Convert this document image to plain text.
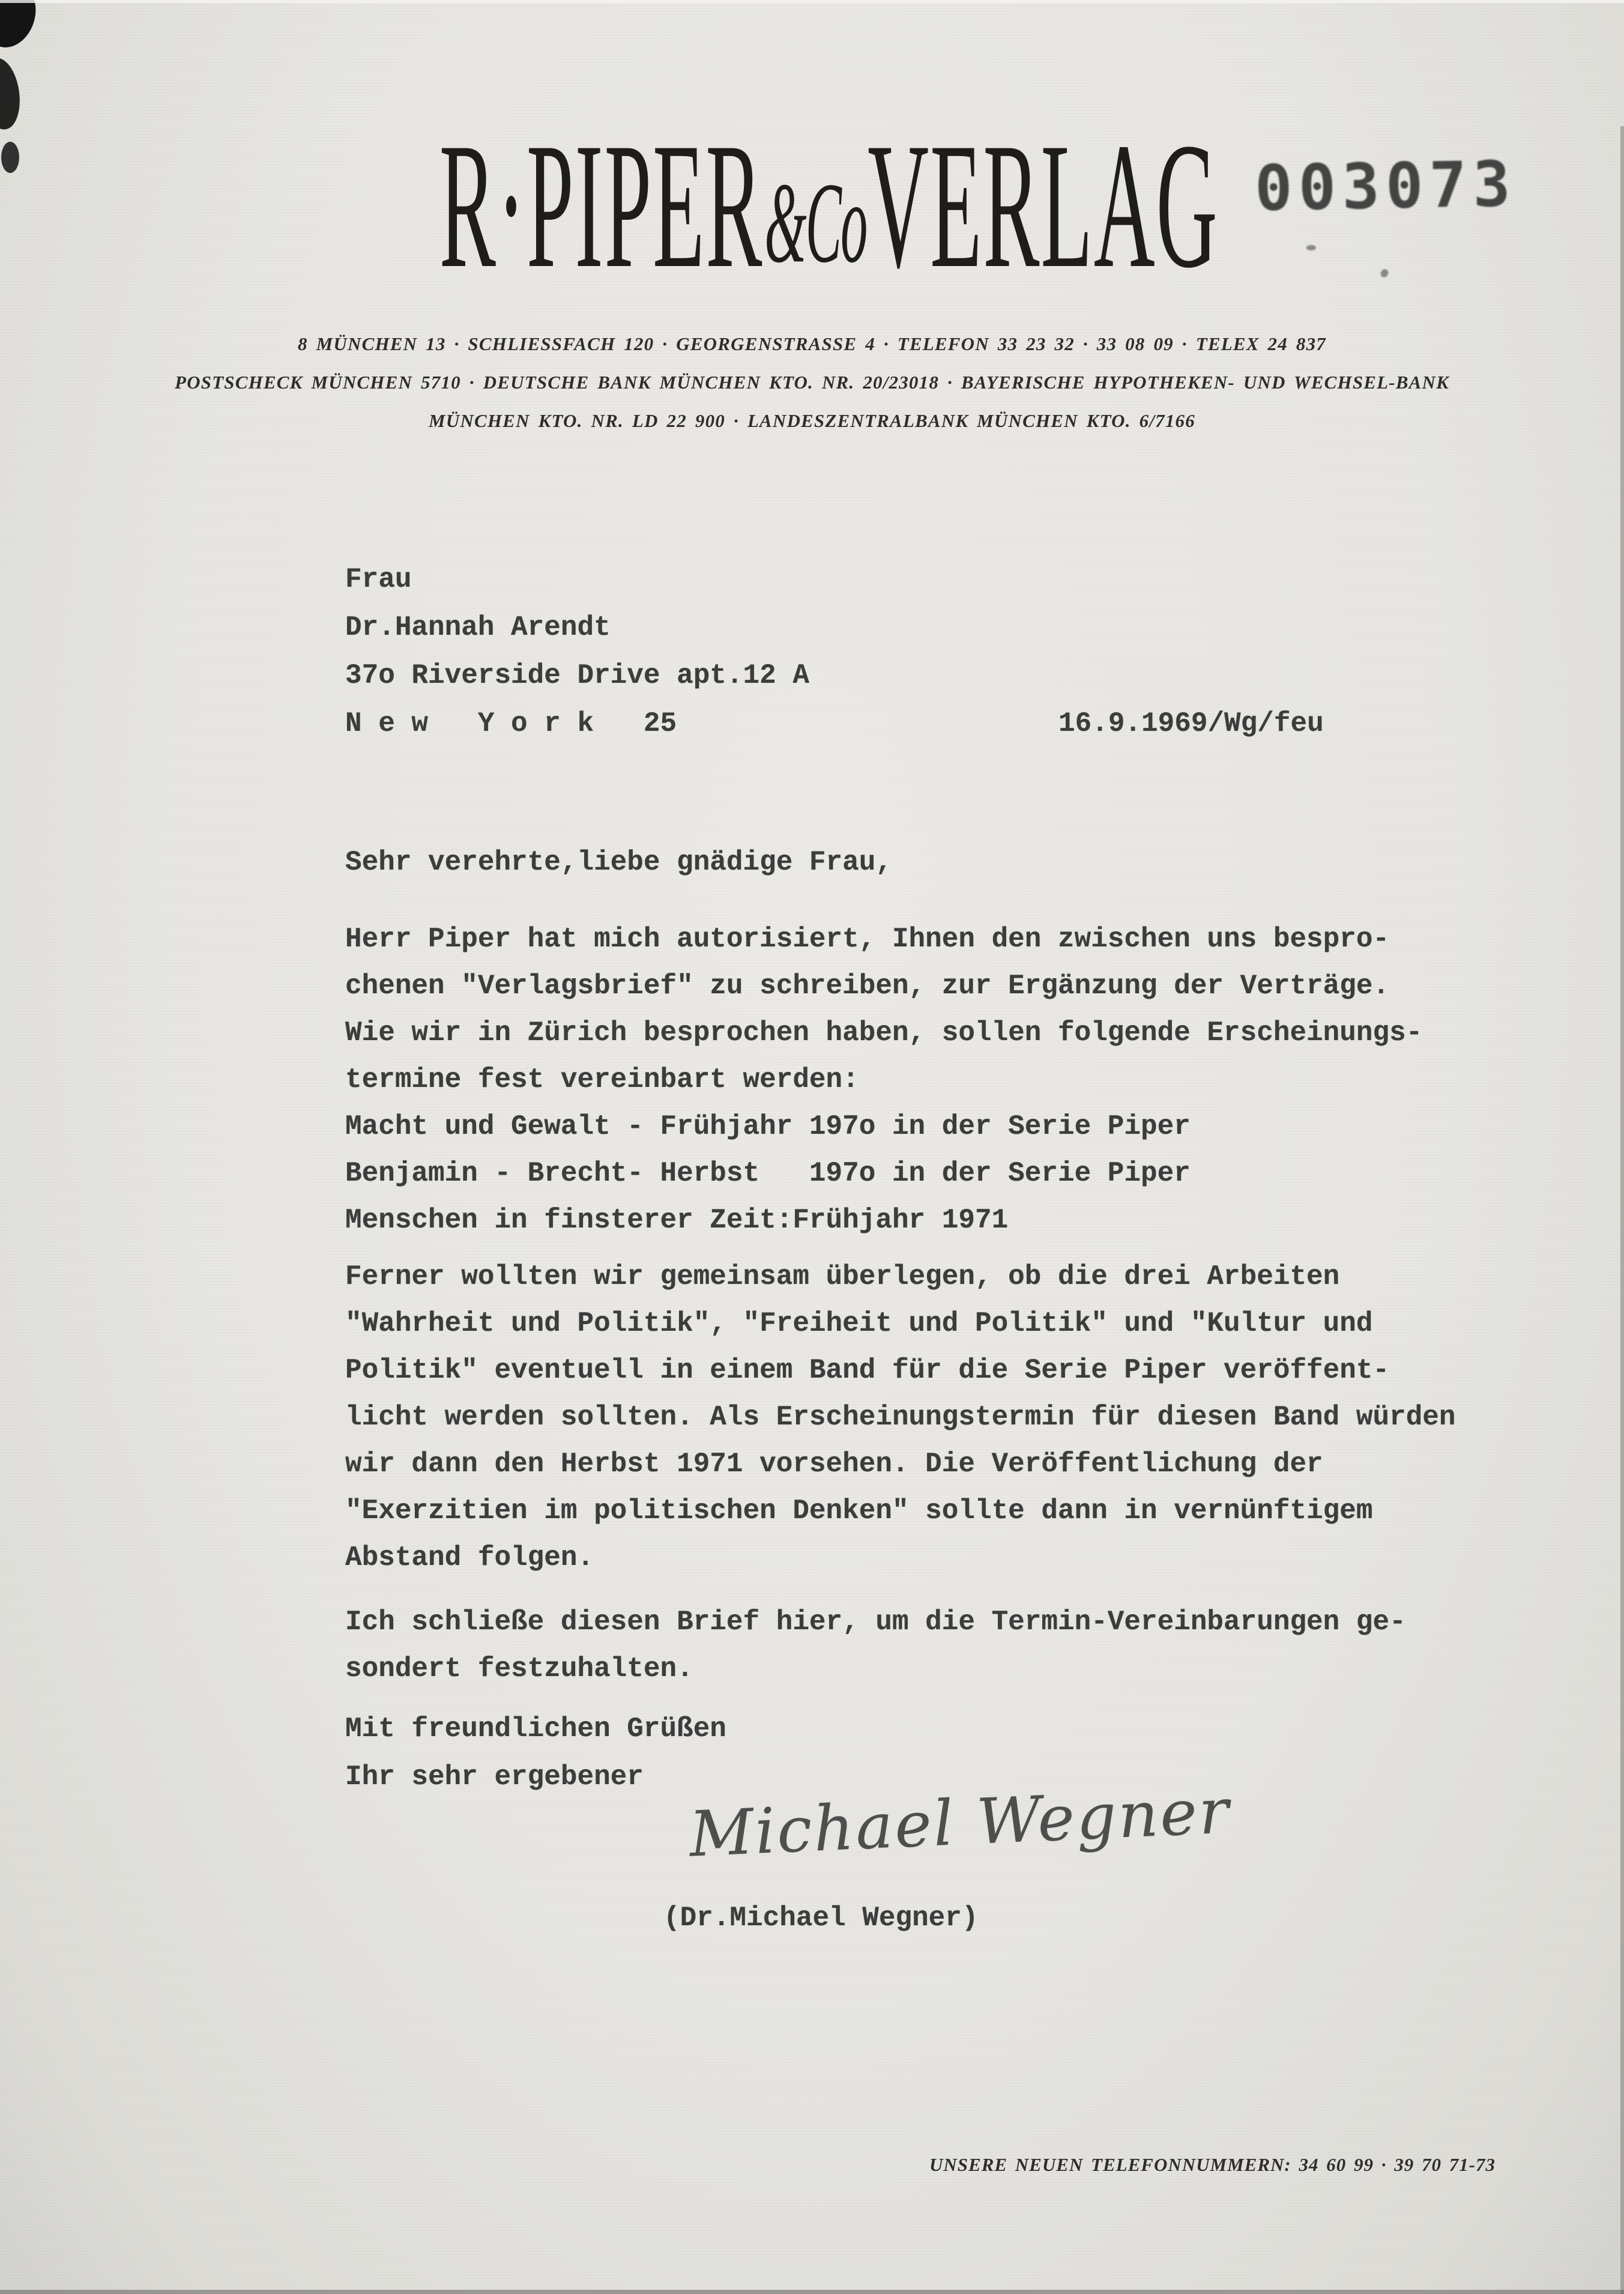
R·PIPER&CoVERLAG 003073
8 MÜNCHEN 13 · SCHLIESSFACH 120 · GEORGENSTRASSE 4 · TELEFON 33 23 32 · 33 08 09 · TELEX 24 837
POSTSCHECK MÜNCHEN 5710 · DEUTSCHE BANK MÜNCHEN KTO. NR. 20/23018 · BAYERISCHE HYPOTHEKEN- UND WECHSEL-BANK
MÜNCHEN KTO. NR. LD 22 900 · LANDESZENTRALBANK MÜNCHEN KTO. 6/7166
Frau
Dr.Hannah Arendt
37o Riverside Drive apt.12 A
N e w   Y o r k   25	16.9.1969/Wg/feu
Sehr verehrte,liebe gnädige Frau,
Herr Piper hat mich autorisiert, Ihnen den zwischen uns bespro-
chenen "Verlagsbrief" zu schreiben, zur Ergänzung der Verträge.
Wie wir in Zürich besprochen haben, sollen folgende Erscheinungs-
termine fest vereinbart werden:
Macht und Gewalt - Frühjahr 197o in der Serie Piper
Benjamin - Brecht- Herbst   197o in der Serie Piper
Menschen in finsterer Zeit:Frühjahr 1971
Ferner wollten wir gemeinsam überlegen, ob die drei Arbeiten
"Wahrheit und Politik", "Freiheit und Politik" und "Kultur und
Politik" eventuell in einem Band für die Serie Piper veröffent-
licht werden sollten. Als Erscheinungstermin für diesen Band würden
wir dann den Herbst 1971 vorsehen. Die Veröffentlichung der
"Exerzitien im politischen Denken" sollte dann in vernünftigem
Abstand folgen.
Ich schließe diesen Brief hier, um die Termin-Vereinbarungen ge-
sondert festzuhalten.
Mit freundlichen Grüßen
Ihr sehr ergebener Michael Wegner
(Dr.Michael Wegner)
UNSERE NEUEN TELEFONNUMMERN: 34 60 99 · 39 70 71-73
